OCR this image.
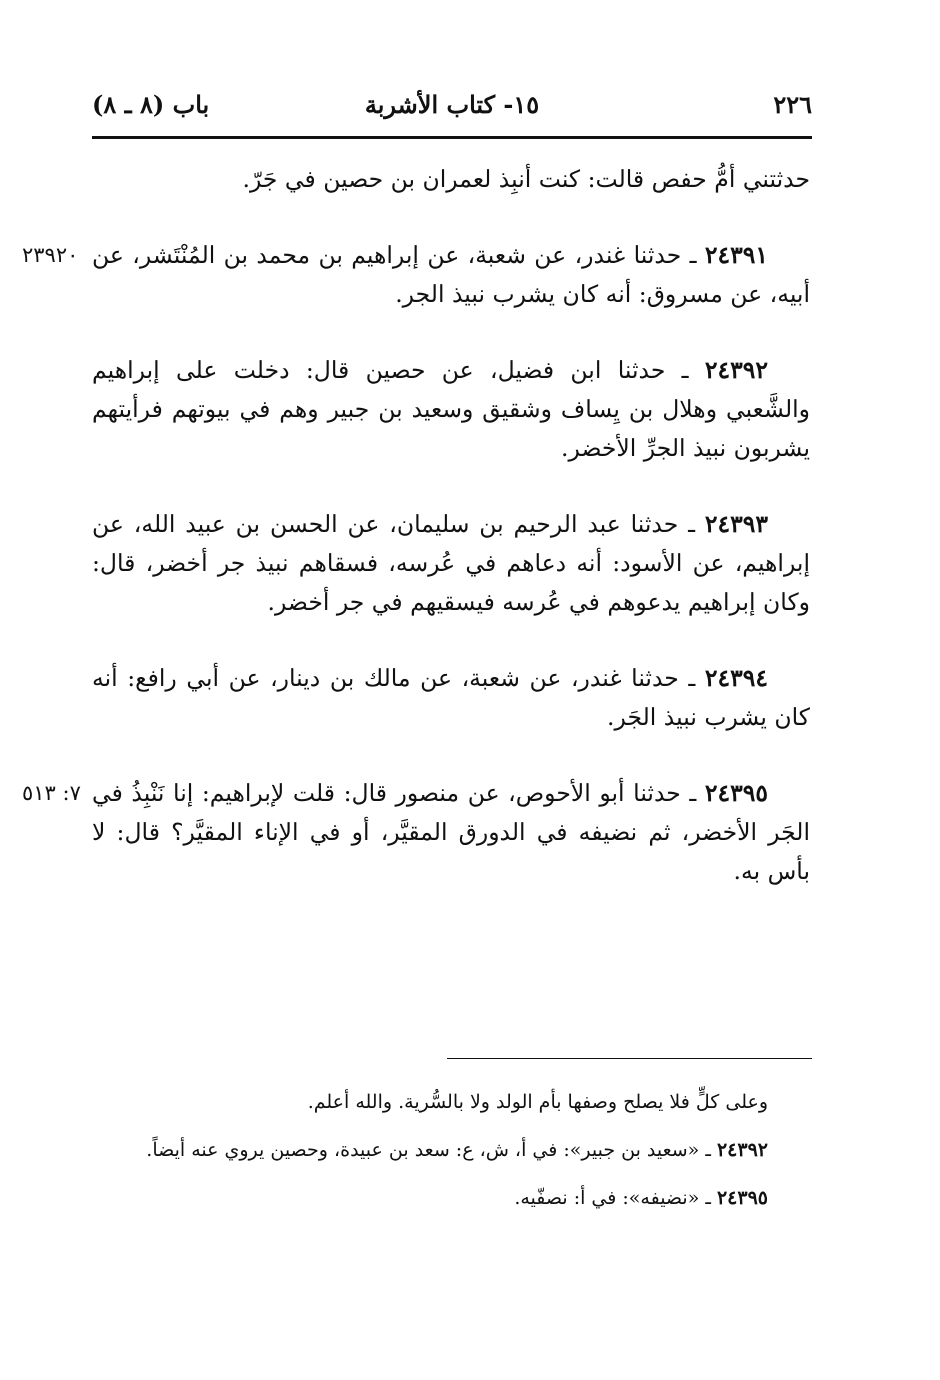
٢٢٦
١٥- كتاب الأشربة
باب (٨ ـ ٨)

حدثتني أمُّ حفص قالت: كنت أنبِذ لعمران بن حصين في جَرّ.

٢٣٩٢٠	٢٤٣٩١ ـ حدثنا غندر، عن شعبة، عن إبراهيم بن محمد بن المُنْتَشر، عن أبيه، عن مسروق: أنه كان يشرب نبيذ الجر.

٢٤٣٩٢ ـ حدثنا ابن فضيل، عن حصين قال: دخلت على إبراهيم والشَّعبي وهلال بن يِساف وشقيق وسعيد بن جبير وهم في بيوتهم فرأيتهم يشربون نبيذ الجرِّ الأخضر.

٢٤٣٩٣ ـ حدثنا عبد الرحيم بن سليمان، عن الحسن بن عبيد الله، عن إبراهيم، عن الأسود: أنه دعاهم في عُرسه، فسقاهم نبيذ جر أخضر، قال: وكان إبراهيم يدعوهم في عُرسه فيسقيهم في جر أخضر.

٢٤٣٩٤ ـ حدثنا غندر، عن شعبة، عن مالك بن دينار، عن أبي رافع: أنه كان يشرب نبيذ الجَر.

٧: ٥١٣	٢٤٣٩٥ ـ حدثنا أبو الأحوص، عن منصور قال: قلت لإبراهيم: إنا نَنْبِذُ في الجَر الأخضر، ثم نضيفه في الدورق المقيَّر، أو في الإناء المقيَّر؟ قال: لا بأس به.

وعلى كلٍّ فلا يصلح وصفها بأم الولد ولا بالسُّرية. والله أعلم.

٢٤٣٩٢ ـ «سعيد بن جبير»: في أ، ش، ع: سعد بن عبيدة، وحصين يروي عنه أيضاً.

٢٤٣٩٥ ـ «نضيفه»: في أ: نصفّيه.
